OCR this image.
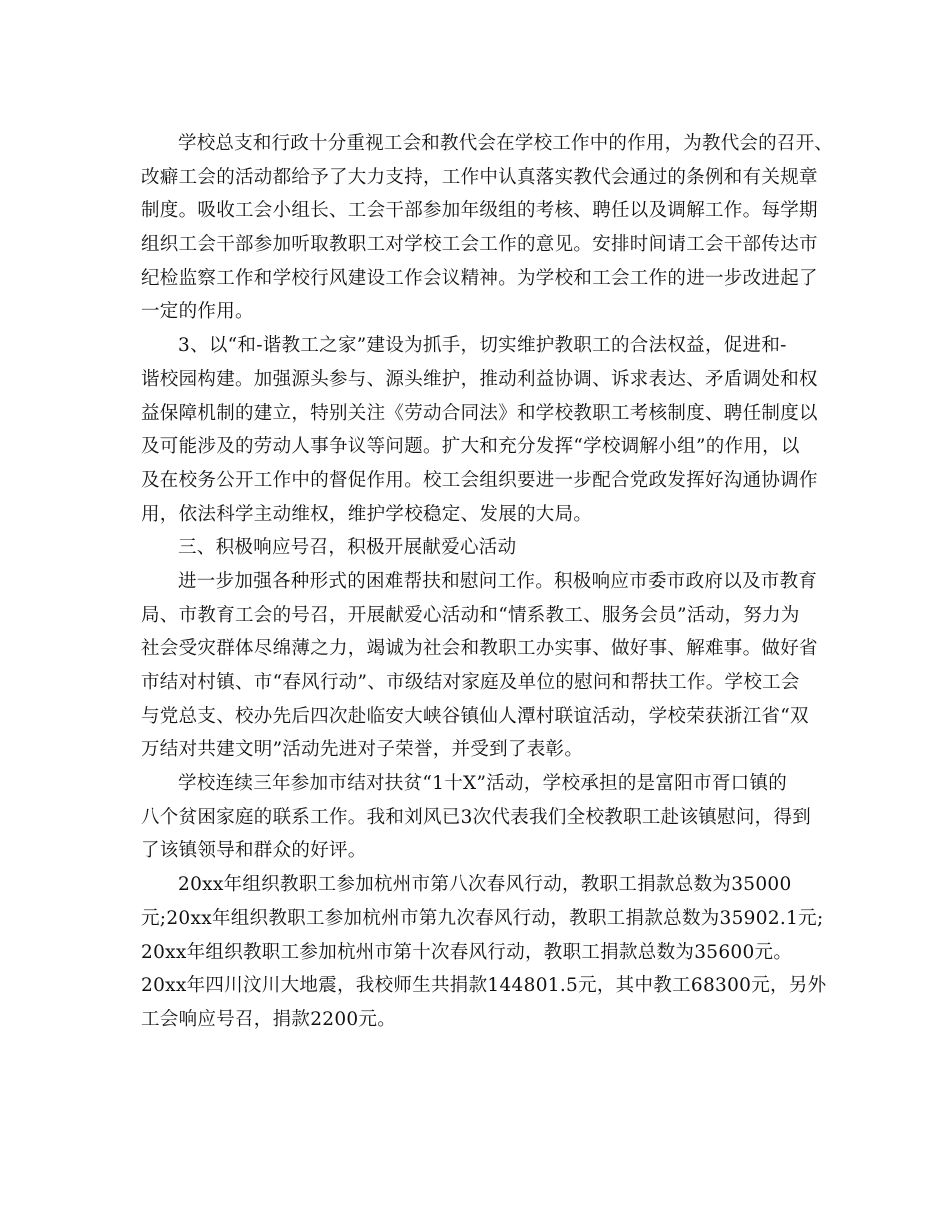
学校总支和行政十分重视工会和教代会在学校工作中的作用，为教代会的召开、
改癖工会的活动都给予了大力支持，工作中认真落实教代会通过的条例和有关规章
制度。吸收工会小组长、工会干部参加年级组的考核、聘任以及调解工作。每学期
组织工会干部参加听取教职工对学校工会工作的意见。安排时间请工会干部传达市
纪检监察工作和学校行风建设工作会议精神。为学校和工会工作的进一步改进起了
一定的作用。
3、以“和-谐教工之家”建设为抓手，切实维护教职工的合法权益，促进和-
谐校园构建。加强源头参与、源头维护，推动利益协调、诉求表达、矛盾调处和权
益保障机制的建立，特别关注《劳动合同法》和学校教职工考核制度、聘任制度以
及可能涉及的劳动人事争议等问题。扩大和充分发挥“学校调解小组”的作用，以
及在校务公开工作中的督促作用。校工会组织要进一步配合党政发挥好沟通协调作
用，依法科学主动维权，维护学校稳定、发展的大局。
三、积极响应号召，积极开展献爱心活动
进一步加强各种形式的困难帮扶和慰问工作。积极响应市委市政府以及市教育
局、市教育工会的号召，开展献爱心活动和“情系教工、服务会员”活动，努力为
社会受灾群体尽绵薄之力，竭诚为社会和教职工办实事、做好事、解难事。做好省
市结对村镇、市“春风行动”、市级结对家庭及单位的慰问和帮扶工作。学校工会
与党总支、校办先后四次赴临安大峡谷镇仙人潭村联谊活动，学校荣获浙江省“双
万结对共建文明”活动先进对子荣誉，并受到了表彰。
学校连续三年参加市结对扶贫“1十X”活动，学校承担的是富阳市胥口镇的
八个贫困家庭的联系工作。我和刘风已3次代表我们全校教职工赴该镇慰问，得到
了该镇领导和群众的好评。
20xx年组织教职工参加杭州市第八次春风行动，教职工捐款总数为35000
元;20xx年组织教职工参加杭州市第九次春风行动，教职工捐款总数为35902.1元;
20xx年组织教职工参加杭州市第十次春风行动，教职工捐款总数为35600元。
20xx年四川汶川大地震，我校师生共捐款144801.5元，其中教工68300元，另外
工会响应号召，捐款2200元。
